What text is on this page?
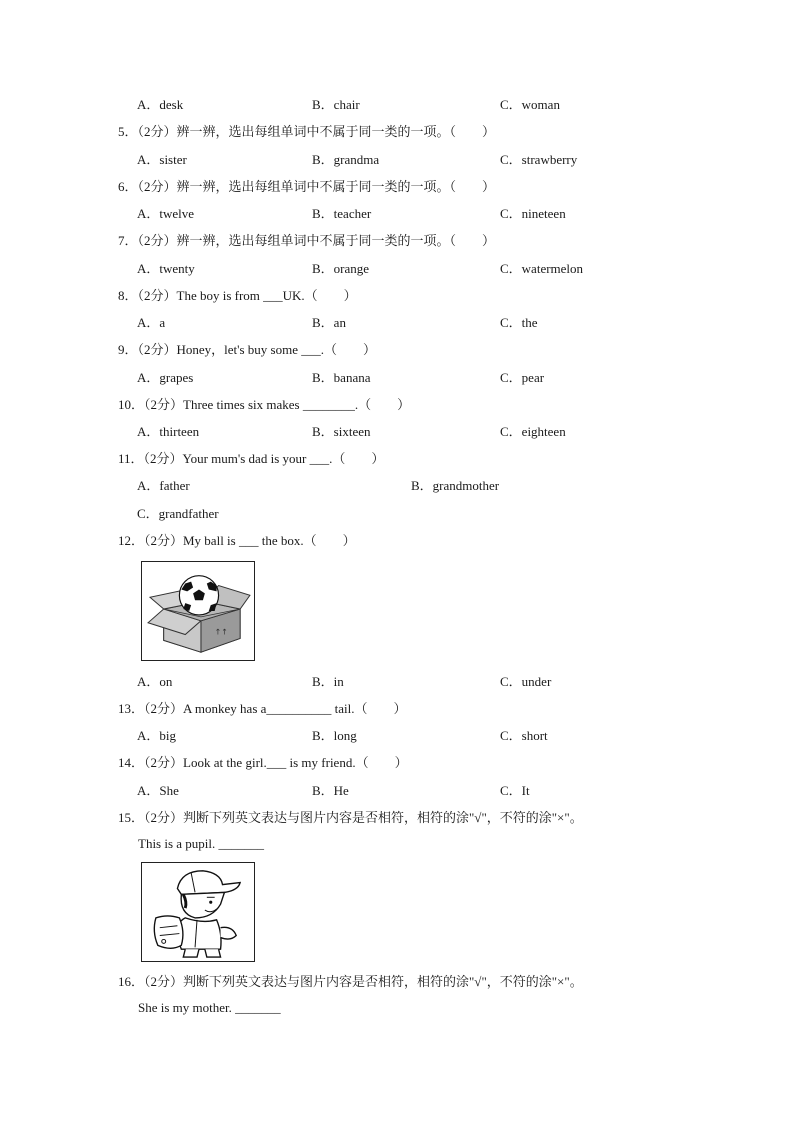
A．desk	B．chair	C．woman
5．（2分）辨一辨，选出每组单词中不属于同一类的一项。（　　）
A．sister	B．grandma	C．strawberry
6．（2分）辨一辨，选出每组单词中不属于同一类的一项。（　　）
A．twelve	B．teacher	C．nineteen
7．（2分）辨一辨，选出每组单词中不属于同一类的一项。（　　）
A．twenty	B．orange	C．watermelon
8．（2分）The boy is from ___UK.（　　）
A．a	B．an	C．the
9．（2分）Honey，let's buy some ___.（　　）
A．grapes	B．banana	C．pear
10．（2分）Three times six makes ________.（　　）
A．thirteen	B．sixteen	C．eighteen
11．（2分）Your mum's dad is your ___.（　　）
A．father	B．grandmother
C．grandfather
12．（2分）My ball is ___ the box.（　　）
↑↑
A．on	B．in	C．under
13．（2分）A monkey has a__________ tail.（　　）
A．big	B．long	C．short
14．（2分）Look at the girl.___ is my friend.（　　）
A．She	B．He	C．It
15．（2分）判断下列英文表达与图片内容是否相符，相符的涂"√"，不符的涂"×"。
This is a pupil. _______
16．（2分）判断下列英文表达与图片内容是否相符，相符的涂"√"，不符的涂"×"。
She is my mother. _______
